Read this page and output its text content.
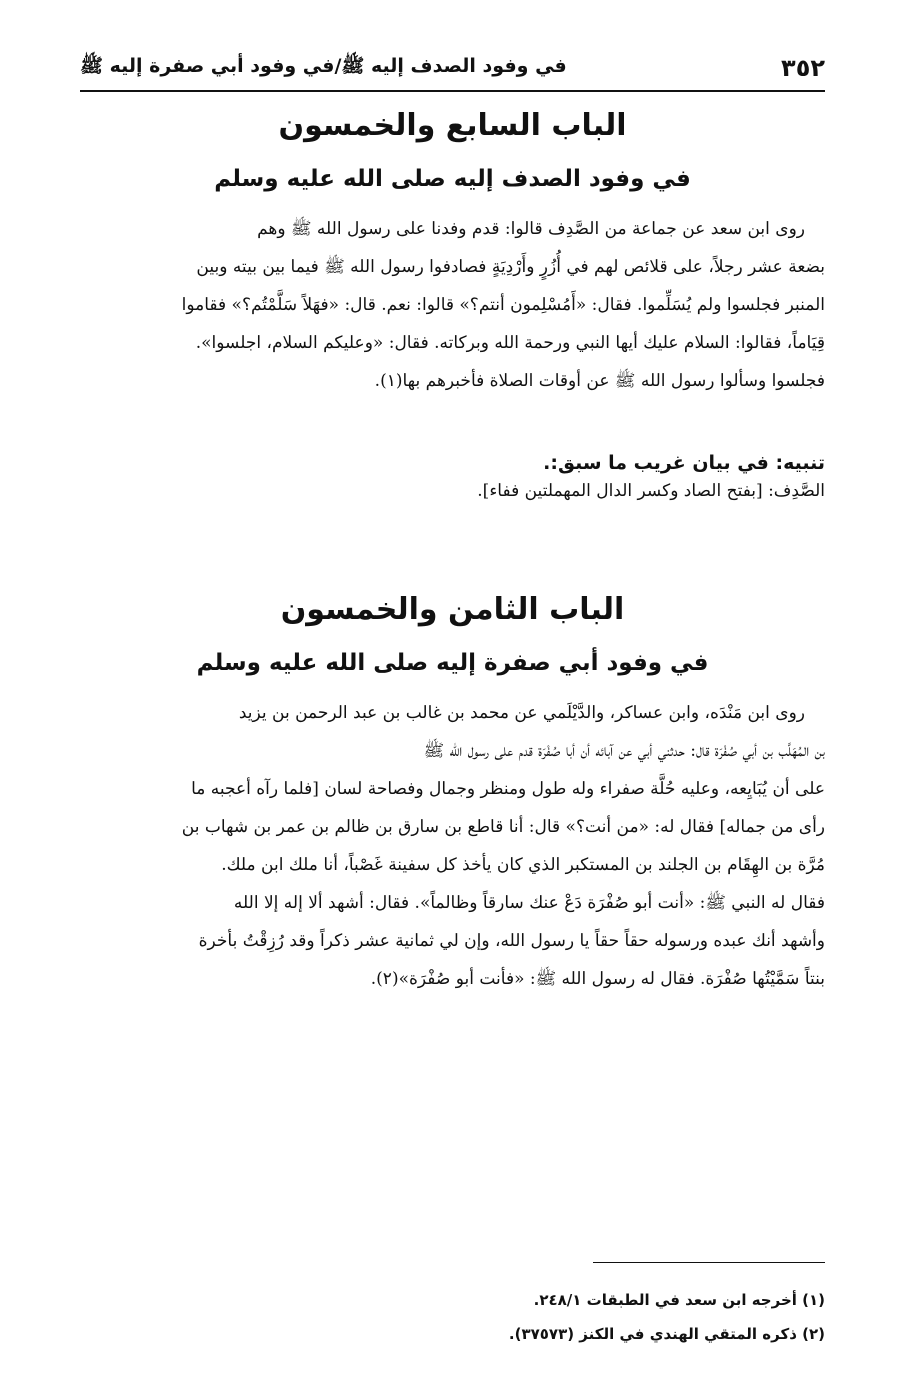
٣٥٢
في وفود الصدف إليه ﷺ/في وفود أبي صفرة إليه ﷺ
الباب السابع والخمسون
في وفود الصدف إليه صلى الله عليه وسلم
روى ابن سعد عن جماعة من الصَّدِف قالوا: قدم وفدنا على رسول الله ﷺ وهم
بضعة عشر رجلاً، على قلائص لهم في أُزُرٍ وأَرْدِيَةٍ فصادفوا رسول الله ﷺ فيما بين بيته وبين
المنبر فجلسوا ولم يُسَلِّموا. فقال: «أَمُسْلِمون أنتم؟» قالوا: نعم. قال: «فهَلاً سَلَّمْتُم؟» فقاموا
قِيَاماً، فقالوا: السلام عليك أيها النبي ورحمة الله وبركاته. فقال: «وعليكم السلام، اجلسوا».
فجلسوا وسألوا رسول الله ﷺ عن أوقات الصلاة فأخبرهم بها(١).
تنبيه: في بيان غريب ما سبق:.
الصَّدِف: [بفتح الصاد وكسر الدال المهملتين ففاء].
الباب الثامن والخمسون
في وفود أبي صفرة إليه صلى الله عليه وسلم
روى ابن مَنْدَه، وابن عساكر، والدَّيْلَمي عن محمد بن غالب بن عبد الرحمن بن يزيد
بن المُهَلَّب بن أبي صُفْرَة قال: حدثني أبي عن آبائه أن أبا صُفْرَة قدم على رسول الله ﷺ
على أن يُبَايِعه، وعليه حُلَّة صفراء وله طول ومنظر وجمال وفصاحة لسان [فلما رآه أعجبه ما
رأى من جماله] فقال له: «من أنت؟» قال: أنا قاطع بن سارق بن ظالم بن عمر بن شهاب بن
مُرَّة بن الهِقَام بن الجلند بن المستكبر الذي كان يأخذ كل سفينة غَصْباً، أنا ملك ابن ملك.
فقال له النبي ﷺ: «أنت أبو صُفْرَة دَعْ عنك سارقاً وظالماً». فقال: أشهد ألا إله إلا الله
وأشهد أنك عبده ورسوله حقاً حقاً يا رسول الله، وإن لي ثمانية عشر ذكراً وقد رُزِقْتُ بأخرة
بنتاً سَمَّيْتُها صُفْرَة. فقال له رسول الله ﷺ: «فأنت أبو صُفْرَة»(٢).
(١) أخرجه ابن سعد في الطبقات ٢٤٨/١.
(٢) ذكره المتقي الهندي في الكنز (٣٧٥٧٣).
